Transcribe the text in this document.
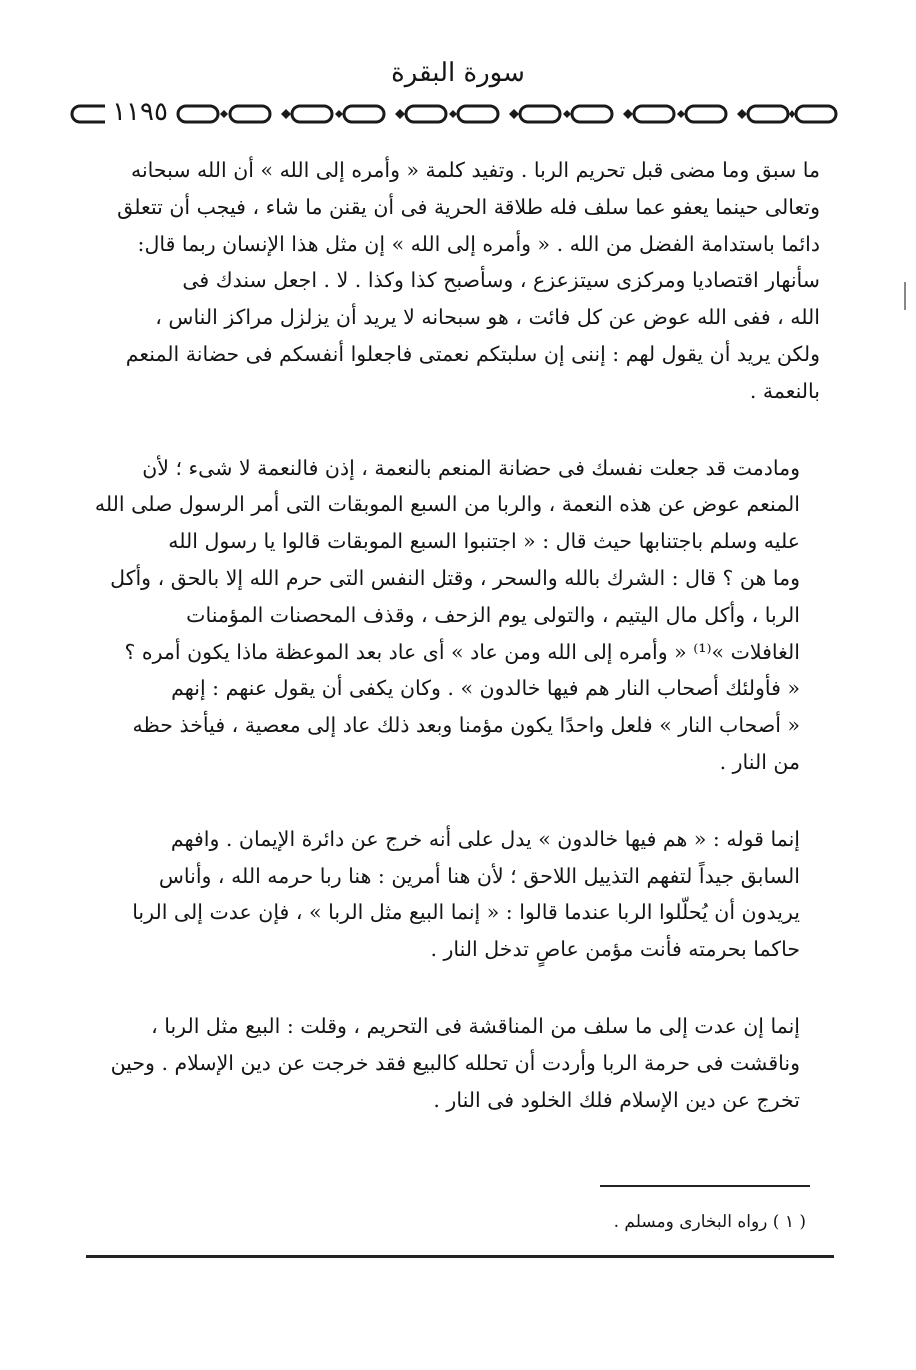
سورة البقرة
١١٩٥

ما سبق وما مضى قبل تحريم الربا . وتفيد كلمة « وأمره إلى الله » أن الله سبحانه
وتعالى حينما يعفو عما سلف فله طلاقة الحرية فى أن يقنن ما شاء ، فيجب أن تتعلق
دائما باستدامة الفضل من الله . « وأمره إلى الله » إن مثل هذا الإنسان ربما قال:
سأنهار اقتصاديا ومركزى سيتزعزع ، وسأصبح كذا وكذا . لا . اجعل سندك فى
الله ، ففى الله عوض عن كل فائت ، هو سبحانه لا يريد أن يزلزل مراكز الناس ،
ولكن يريد أن يقول لهم : إننى إن سلبتكم نعمتى فاجعلوا أنفسكم فى حضانة المنعم
بالنعمة .

ومادمت قد جعلت نفسك فى حضانة المنعم بالنعمة ، إذن فالنعمة لا شىء ؛ لأن
المنعم عوض عن هذه النعمة ، والربا من السبع الموبقات التى أمر الرسول صلى الله
عليه وسلم باجتنابها حيث قال : « اجتنبوا السبع الموبقات قالوا يا رسول الله
وما هن ؟ قال : الشرك بالله والسحر ، وقتل النفس التى حرم الله إلا بالحق ، وأكل
الربا ، وأكل مال اليتيم ، والتولى يوم الزحف ، وقذف المحصنات المؤمنات
الغافلات »⁽¹⁾ « وأمره إلى الله ومن عاد » أى عاد بعد الموعظة ماذا يكون أمره ؟
« فأولئك أصحاب النار هم فيها خالدون » . وكان يكفى أن يقول عنهم : إنهم
« أصحاب النار » فلعل واحدًا يكون مؤمنا وبعد ذلك عاد إلى معصية ، فيأخذ حظه
من النار .

إنما قوله : « هم فيها خالدون » يدل على أنه خرج عن دائرة الإيمان . وافهم
السابق جيداً لتفهم التذييل اللاحق ؛ لأن هنا أمرين : هنا ربا حرمه الله ، وأناس
يريدون أن يُحلّلوا الربا عندما قالوا : « إنما البيع مثل الربا » ، فإن عدت إلى الربا
حاكما بحرمته فأنت مؤمن عاصٍ تدخل النار .

إنما إن عدت إلى ما سلف من المناقشة فى التحريم ، وقلت : البيع مثل الربا ،
وناقشت فى حرمة الربا وأردت أن تحلله كالبيع فقد خرجت عن دين الإسلام . وحين
تخرج عن دين الإسلام فلك الخلود فى النار .

( ١ ) رواه البخارى ومسلم .
